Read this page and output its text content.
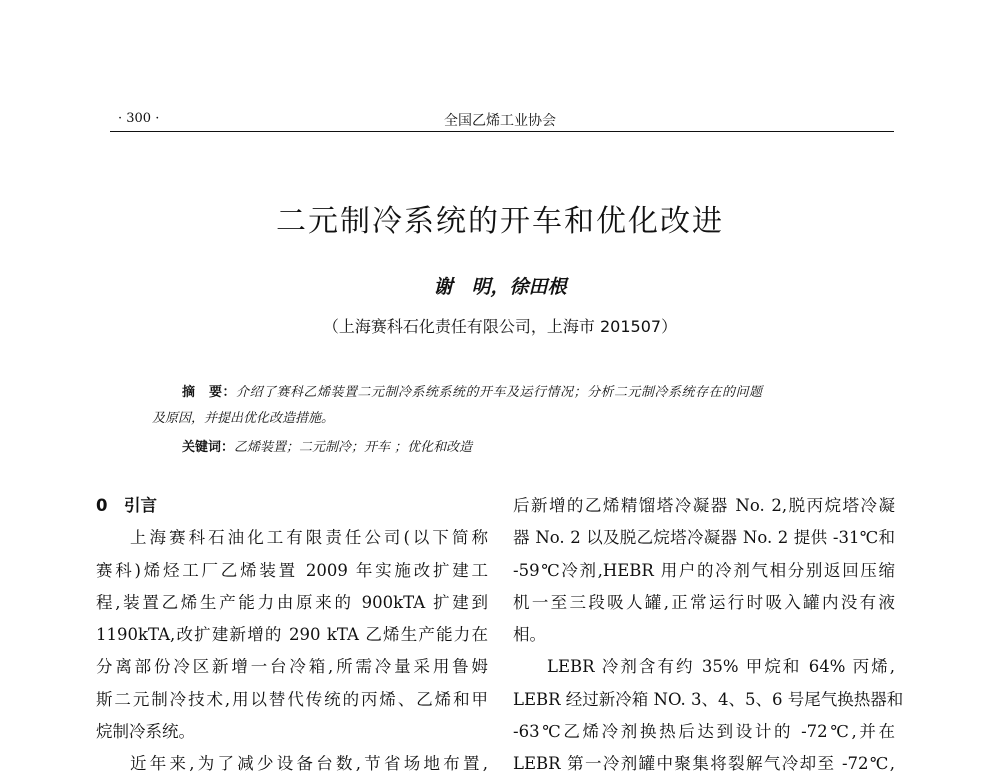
· 300 ·	全国乙烯工业协会
二元制冷系统的开车和优化改进
谢　明，徐田根
（上海赛科石化责任有限公司，上海市 201507）
摘　要：介绍了赛科乙烯装置二元制冷系统系统的开车及运行情况；分析二元制冷系统存在的问题
及原因，并提出优化改造措施。
关键词：乙烯装置；二元制冷；开车 ；优化和改造
0　引言
上海赛科石油化工有限责任公司(以下简称
赛科)烯烃工厂乙烯装置 2009 年实施改扩建工
程,装置乙烯生产能力由原来的 900kTA 扩建到
1190kTA,改扩建新增的 290 kTA 乙烯生产能力在
分离部份冷区新增一台冷箱,所需冷量采用鲁姆
斯二元制冷技术,用以替代传统的丙烯、乙烯和甲
烷制冷系统。
近年来,为了减少设备台数,节省场地布置,
后新增的乙烯精馏塔冷凝器 No. 2,脱丙烷塔冷凝
器 No. 2 以及脱乙烷塔冷凝器 No. 2 提供 -31℃和
-59℃冷剂,HEBR 用户的冷剂气相分别返回压缩
机一至三段吸人罐,正常运行时吸入罐内没有液
相。
LEBR 冷剂含有约 35% 甲烷和 64% 丙烯,
LEBR 经过新冷箱 NO. 3、4、5、6 号尾气换热器和
-63℃乙烯冷剂换热后达到设计的 -72℃,并在
LEBR 第一冷剂罐中聚集将裂解气冷却至 -72℃,
